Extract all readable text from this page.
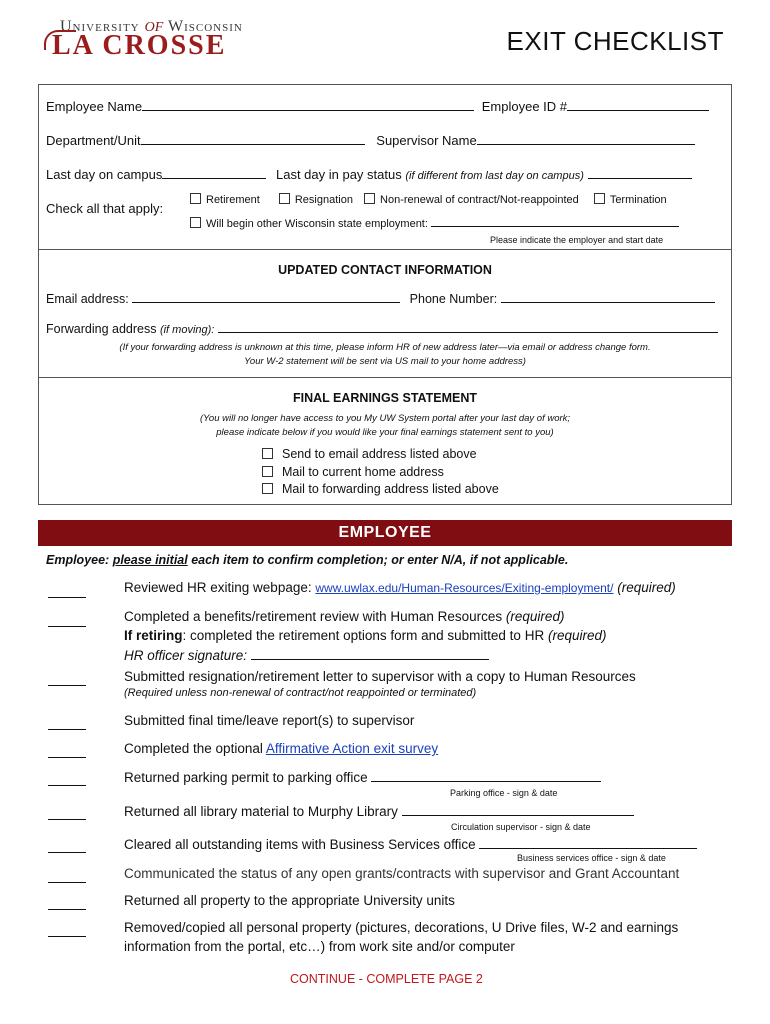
University of Wisconsin
LA CROSSE	EXIT CHECKLIST
Employee Name	Employee ID #
Department/Unit	Supervisor Name
Last day on campus	Last day in pay status (if different from last day on campus)
Check all that apply:
Retirement	Resignation Non-renewal of contract/Not-reappointed	Termination
Will begin other Wisconsin state employment:
Please indicate the employer and start date
UPDATED CONTACT INFORMATION
Email address:	Phone Number:
Forwarding address (if moving):
(If your forwarding address is unknown at this time, please inform HR of new address later—via email or address change form.
Your W-2 statement will be sent via US mail to your home address)
FINAL EARNINGS STATEMENT
(You will no longer have access to you My UW System portal after your last day of work;
please indicate below if you would like your final earnings statement sent to you)
Send to email address listed above
Mail to current home address
Mail to forwarding address listed above
EMPLOYEE
Employee: please initial each item to confirm completion; or enter N/A, if not applicable.
Reviewed HR exiting webpage: www.uwlax.edu/Human-Resources/Exiting-employment/ (required)
Completed a benefits/retirement review with Human Resources (required)
If retiring: completed the retirement options form and submitted to HR (required)
HR officer signature:
Submitted resignation/retirement letter to supervisor with a copy to Human Resources
(Required unless non-renewal of contract/not reappointed or terminated)
Submitted final time/leave report(s) to supervisor
Completed the optional Affirmative Action exit survey
Returned parking permit to parking office
Parking office - sign & date
Returned all library material to Murphy Library
Circulation supervisor - sign & date
Cleared all outstanding items with Business Services office
Business services office - sign & date
Communicated the status of any open grants/contracts with supervisor and Grant Accountant
Returned all property to the appropriate University units
Removed/copied all personal property (pictures, decorations, U Drive files, W-2 and earnings
information from the portal, etc…) from work site and/or computer
CONTINUE - COMPLETE PAGE 2
